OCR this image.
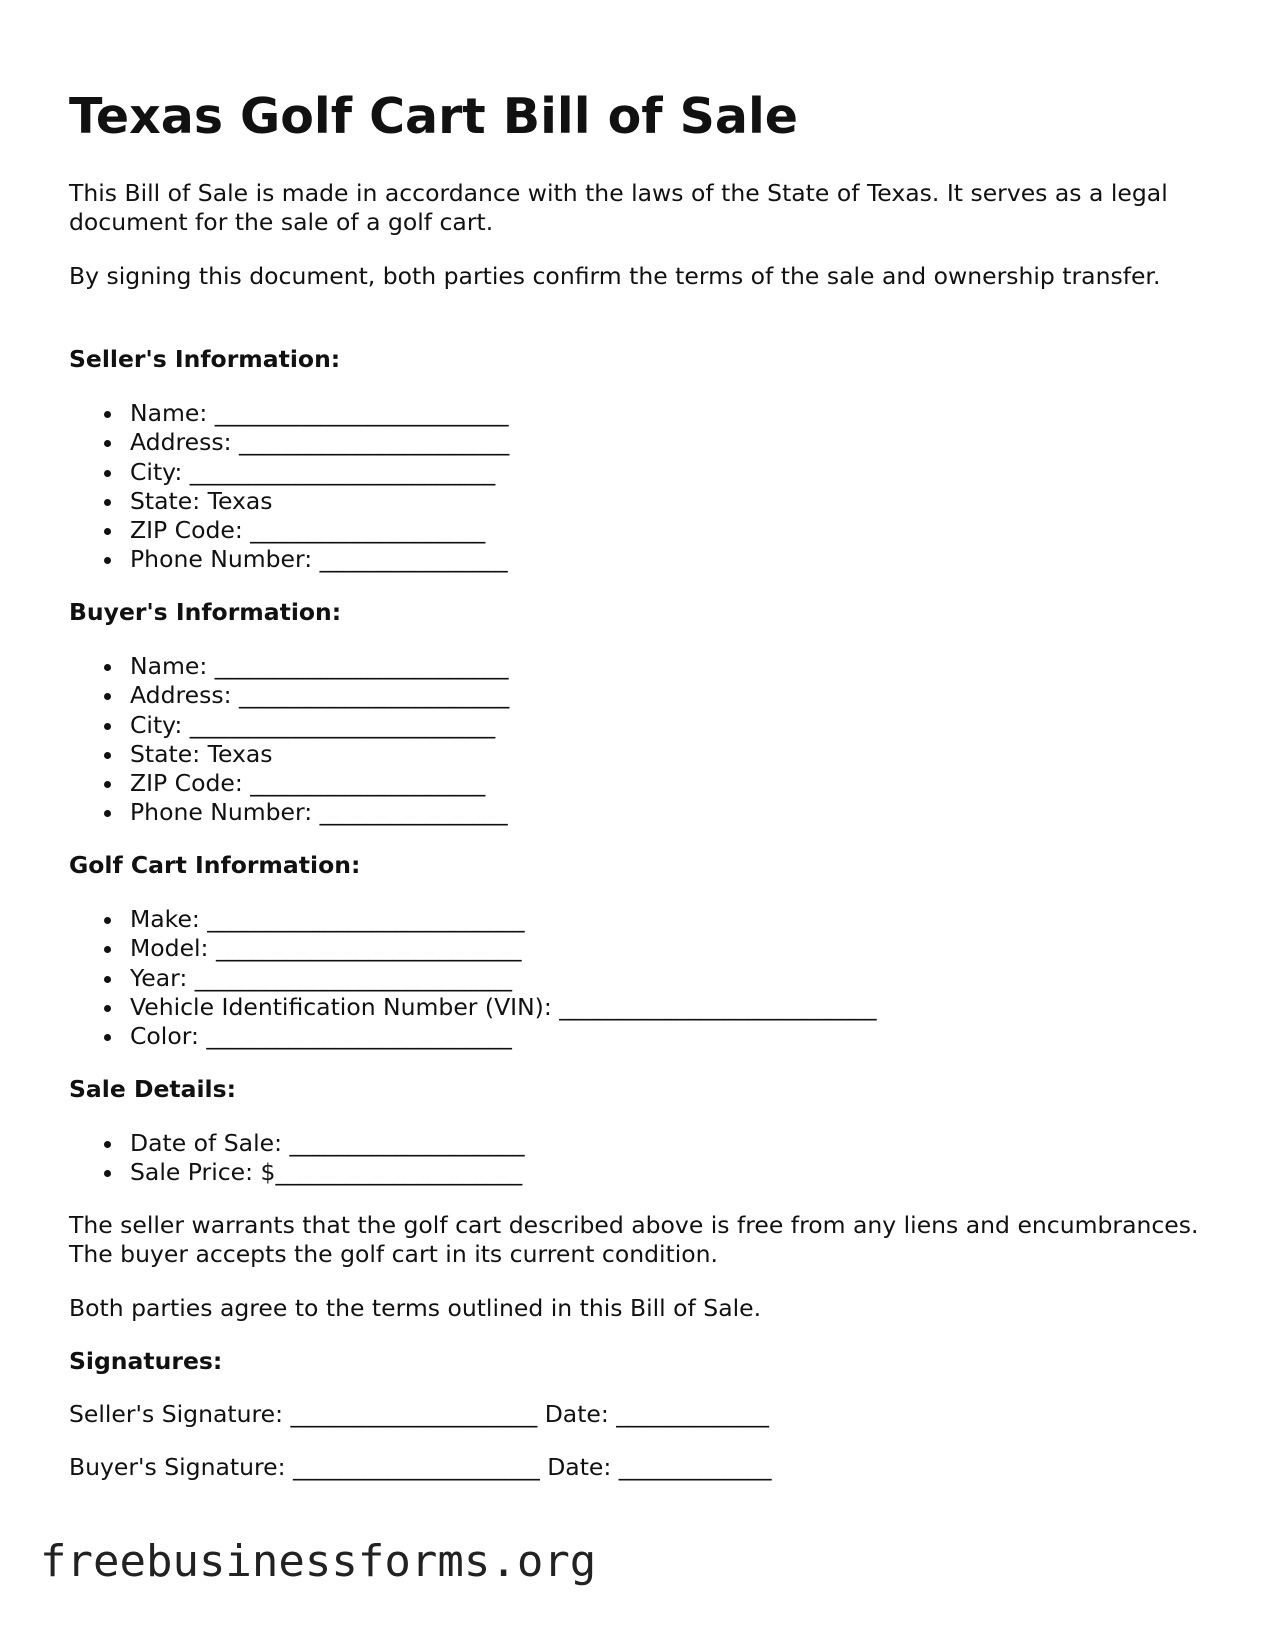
Texas Golf Cart Bill of Sale

This Bill of Sale is made in accordance with the laws of the State of Texas. It serves as a legal document for the sale of a golf cart.

By signing this document, both parties confirm the terms of the sale and ownership transfer.

Seller's Information:

Name: _________________________
Address: _______________________
City: __________________________
State: Texas
ZIP Code: ____________________
Phone Number: ________________

Buyer's Information:

Name: _________________________
Address: _______________________
City: __________________________
State: Texas
ZIP Code: ____________________
Phone Number: ________________

Golf Cart Information:

Make: ___________________________
Model: __________________________
Year: ___________________________
Vehicle Identification Number (VIN): ___________________________
Color: __________________________

Sale Details:

Date of Sale: ____________________
Sale Price: $_____________________

The seller warrants that the golf cart described above is free from any liens and encumbrances. The buyer accepts the golf cart in its current condition.

Both parties agree to the terms outlined in this Bill of Sale.

Signatures:

Seller's Signature: _____________________ Date: _____________

Buyer's Signature: _____________________ Date: _____________

freebusinessforms.org
